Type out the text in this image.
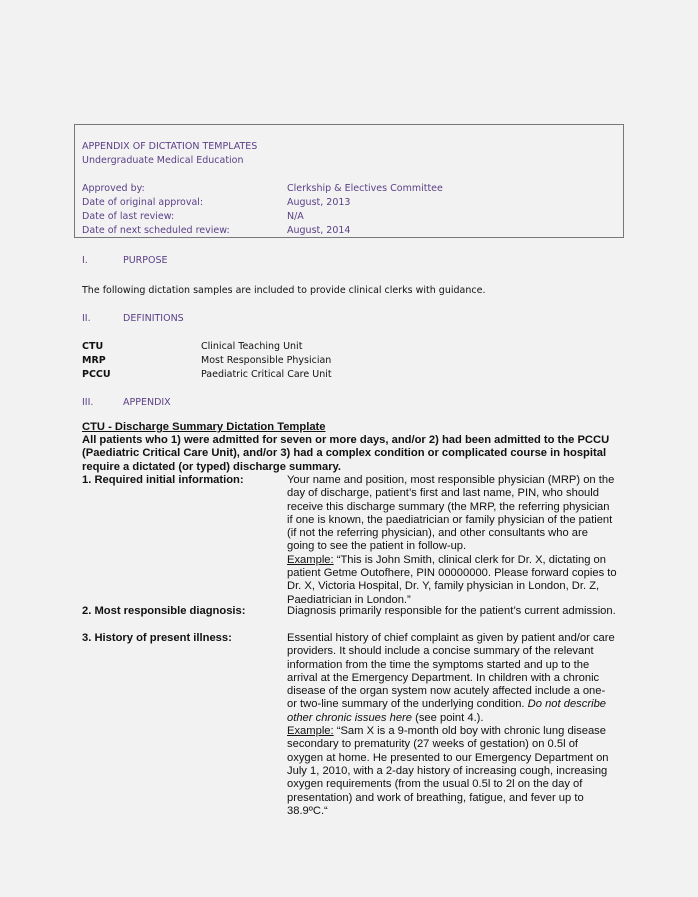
APPENDIX OF DICTATION TEMPLATES
Undergraduate Medical Education
Approved by:	Clerkship & Electives Committee
Date of original approval:	August, 2013
Date of last review:	N/A
Date of next scheduled review:	August, 2014
I.	PURPOSE
The following dictation samples are included to provide clinical clerks with guidance.
II.	DEFINITIONS
CTU	Clinical Teaching Unit
MRP	Most Responsible Physician
PCCU	Paediatric Critical Care Unit
III.	APPENDIX
CTU - Discharge Summary Dictation Template
All patients who 1) were admitted for seven or more days, and/or 2) had been admitted to the PCCU (Paediatric Critical Care Unit), and/or 3) had a complex condition or complicated course in hospital require a dictated (or typed) discharge summary.
1. Required initial information:	Your name and position, most responsible physician (MRP) on the day of discharge, patient’s first and last name, PIN, who should receive this discharge summary (the MRP, the referring physician if one is known, the paediatrician or family physician of the patient (if not the referring physician), and other consultants who are going to see the patient in follow-up.
Example: “This is John Smith, clinical clerk for Dr. X, dictating on patient Getme Outofhere, PIN 00000000. Please forward copies to Dr. X, Victoria Hospital, Dr. Y, family physician in London, Dr. Z, Paediatrician in London.”
2. Most responsible diagnosis:	Diagnosis primarily responsible for the patient’s current admission.
3. History of present illness:	Essential history of chief complaint as given by patient and/or care providers. It should include a concise summary of the relevant information from the time the symptoms started and up to the arrival at the Emergency Department. In children with a chronic disease of the organ system now acutely affected include a one- or two-line summary of the underlying condition. Do not describe other chronic issues here (see point 4.).
Example: “Sam X is a 9-month old boy with chronic lung disease secondary to prematurity (27 weeks of gestation) on 0.5l of oxygen at home. He presented to our Emergency Department on July 1, 2010, with a 2-day history of increasing cough, increasing oxygen requirements (from the usual 0.5l to 2l on the day of presentation) and work of breathing, fatigue, and fever up to 38.9ºC.“
